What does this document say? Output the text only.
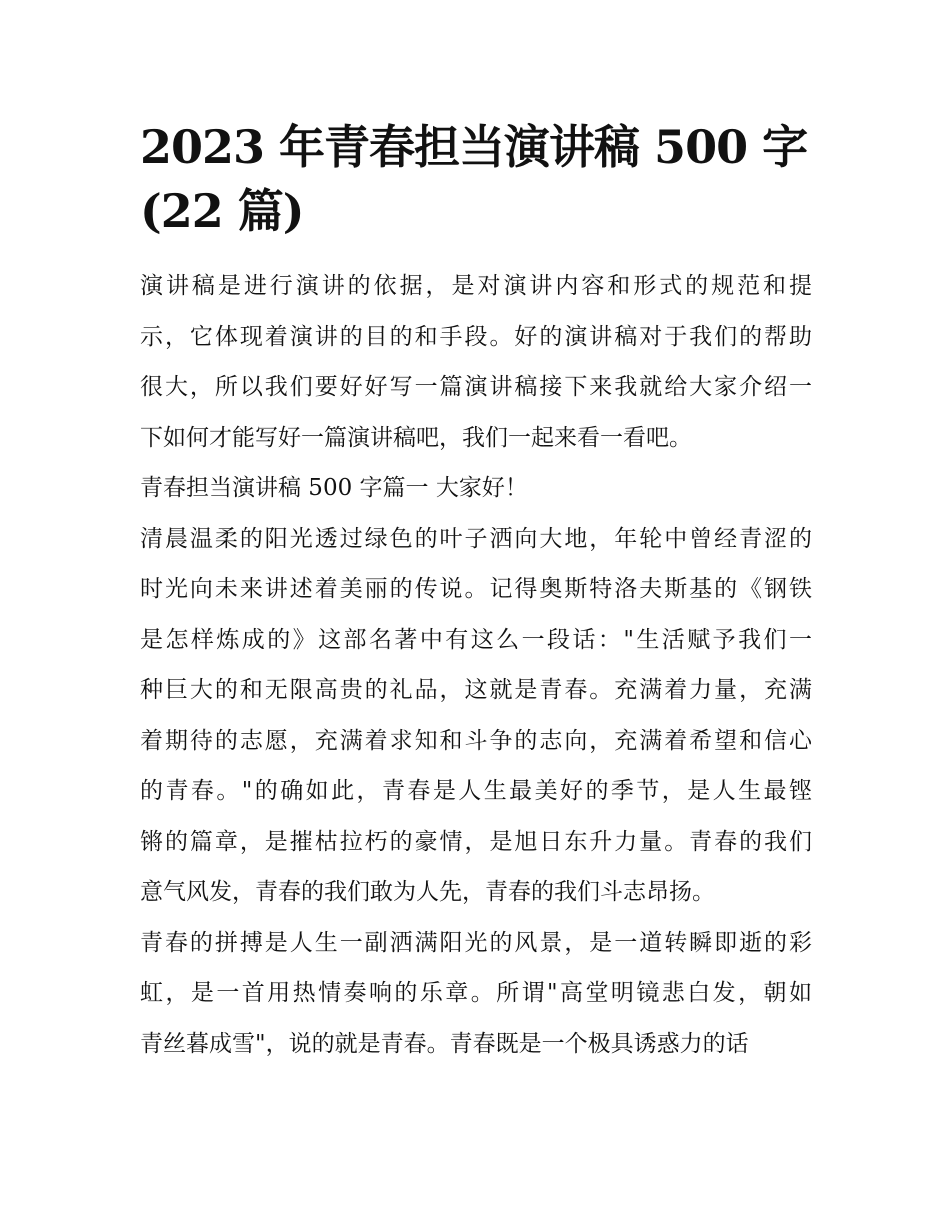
2023 年青春担当演讲稿 500 字
(22 篇)

演讲稿是进行演讲的依据，是对演讲内容和形式的规范和提
示，它体现着演讲的目的和手段。好的演讲稿对于我们的帮助
很大，所以我们要好好写一篇演讲稿接下来我就给大家介绍一
下如何才能写好一篇演讲稿吧，我们一起来看一看吧。

青春担当演讲稿 500 字篇一 大家好！

清晨温柔的阳光透过绿色的叶子洒向大地，年轮中曾经青涩的
时光向未来讲述着美丽的传说。记得奥斯特洛夫斯基的《钢铁
是怎样炼成的》这部名著中有这么一段话："生活赋予我们一
种巨大的和无限高贵的礼品，这就是青春。充满着力量，充满
着期待的志愿，充满着求知和斗争的志向，充满着希望和信心
的青春。"的确如此，青春是人生最美好的季节，是人生最铿
锵的篇章，是摧枯拉朽的豪情，是旭日东升力量。青春的我们
意气风发，青春的我们敢为人先，青春的我们斗志昂扬。

青春的拼搏是人生一副洒满阳光的风景，是一道转瞬即逝的彩
虹，是一首用热情奏响的乐章。所谓"高堂明镜悲白发，朝如
青丝暮成雪"，说的就是青春。青春既是一个极具诱惑力的话
